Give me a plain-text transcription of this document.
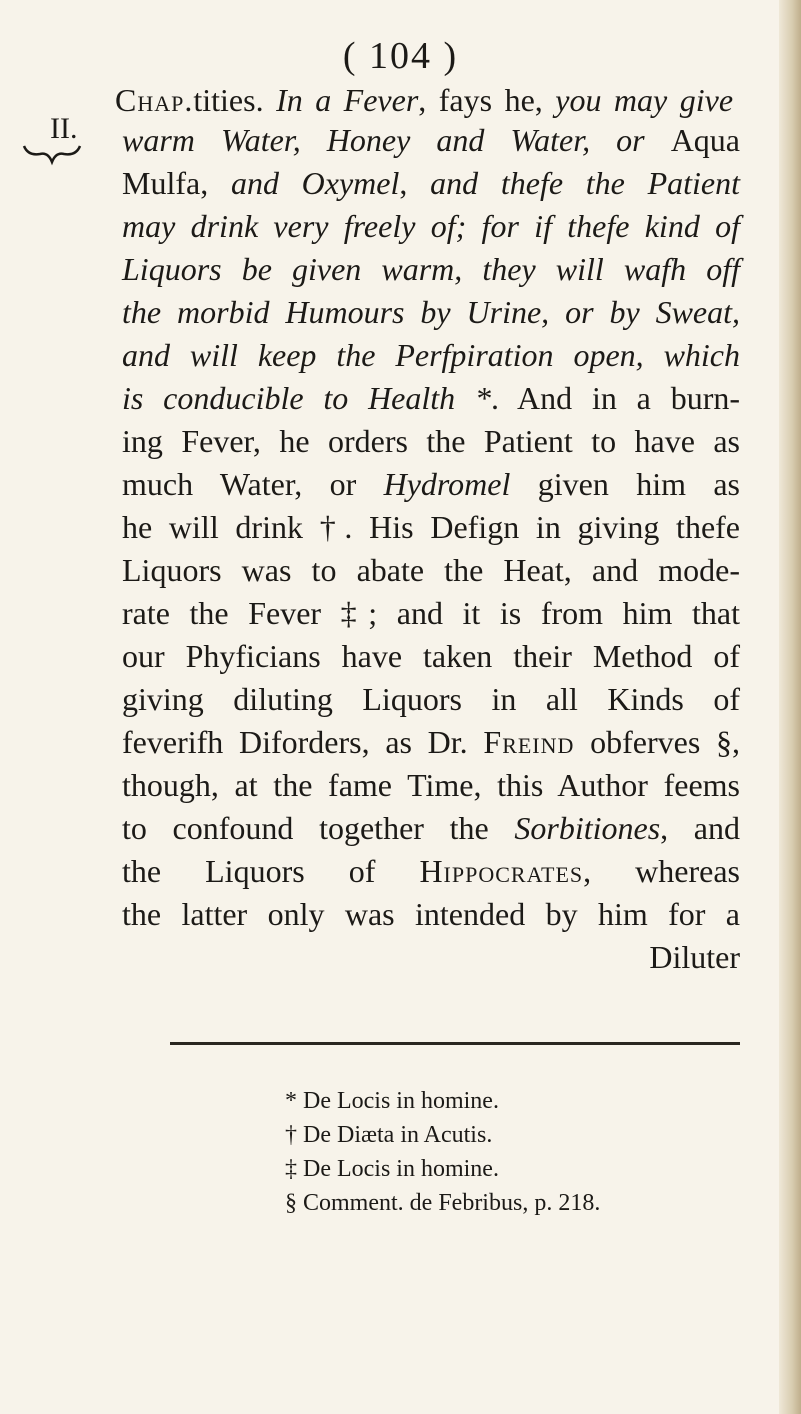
( 104 )
Chap.tities. In a Fever, fays he, you may give
II. warm Water, Honey and Water, or Aqua
Mulfa, and Oxymel, and thefe the Patient
may drink very freely of; for if thefe kind of
Liquors be given warm, they will wafh off
the morbid Humours by Urine, or by Sweat,
and will keep the Perfpiration open, which
is conducible to Health *. And in a burn-
ing Fever, he orders the Patient to have as
much Water, or Hydromel given him as
he will drink †. His Defign in giving thefe
Liquors was to abate the Heat, and mode-
rate the Fever ‡; and it is from him that
our Phyficians have taken their Method of
giving diluting Liquors in all Kinds of
feverifh Diforders, as Dr. Freind obferves §,
though, at the fame Time, this Author feems
to confound together the Sorbitiones, and
the Liquors of Hippocrates, whereas
the latter only was intended by him for a
Diluter
* De Locis in homine.
† De Diæta in Acutis.
‡ De Locis in homine.
§ Comment. de Febribus, p. 218.
